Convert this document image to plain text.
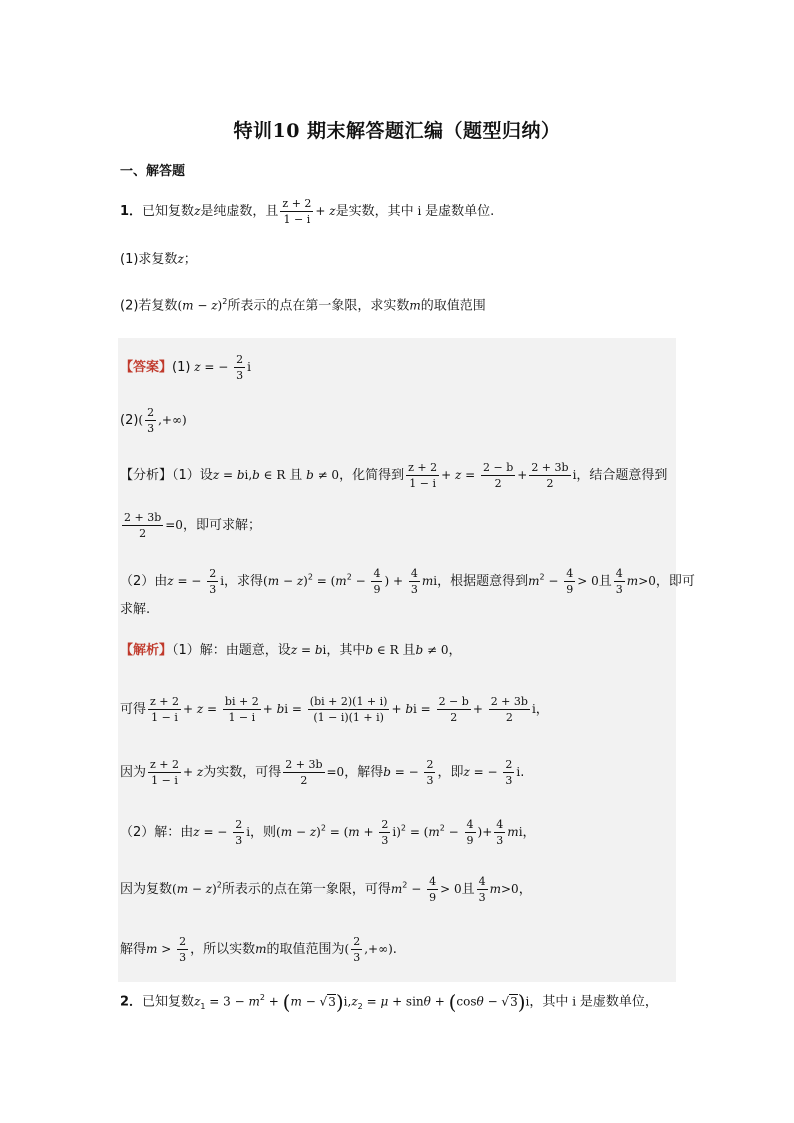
特训10 期末解答题汇编（题型归纳）
一、解答题
1．已知复数z是纯虚数，且 $\frac{z + 2}{1 - i} + z$是实数，其中 i 是虚数单位.
(1)求复数z；
(2)若复数$(m - z)^2$所表示的点在第一象限，求实数m的取值范围
【答案】(1) z = − $\frac{2}{3}$ i
$(2)( \frac{2}{3}$ ,+∞)
【分析】（1）设z = bi,b ∈ R 且 b ≠ 0，化简得到 $\frac{z + 2}{1 - i} + z = \frac{2 - b}{2} + \frac{2 + 3b}{2}$ i，结合题意得到
$\frac{2 + 3b}{2} =0$，即可求解；
（2）由z = − $\frac{2}{3}$ i，求得$(m - z)^2 = (m^2 - \frac{4}{9}$ ) + $\frac{4}{3}$ mi，根据题意得到$m^2 - \frac{4}{9} > 0$且 $\frac{4}{3} m>0$，即可
求解.
【解析】（1）解：由题意，设z = bi，其中b ∈ R 且b ≠ 0，
可得 $\frac{z + 2}{1 - i} + z = \frac{bi + 2}{1 - i}$ + bi = $\frac{(bi + 2)(1 + i)}{(1 - i)(1 + i)}$ + bi = $\frac{2 - b}{2} + \frac{2 + 3b}{2}$ i，
因为 $\frac{z + 2}{1 - i} + z$为实数，可得 $\frac{2 + 3b}{2} =0$，解得b = − $\frac{2}{3}$ ，即z = − $\frac{2}{3} i$.
（2）解：由z = − $\frac{2}{3}$ i，则$(m - z)^2 = (m + \frac{2}{3} i)^2 = (m^2 - \frac{4}{9}$ )+ $\frac{4}{3}$ mi，
因为复数$(m - z)^2$所表示的点在第一象限，可得$m^2 - \frac{4}{9} > 0$且 $\frac{4}{3} m>0$，
解得$m > \frac{2}{3}$ ，所以实数m的取值范围为( $\frac{2}{3}$ ,+∞).
2．已知复数$z_1 = 3 - m^2 + (m - √3)i,z_2 = \mu + \sin\theta + (\cos\theta - √3)i$，其中 i 是虚数单位，
